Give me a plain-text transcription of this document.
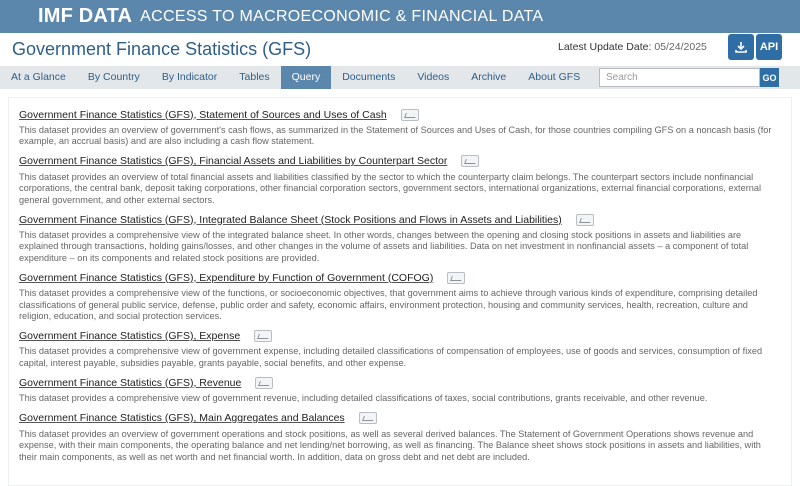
IMF DATA ACCESS TO MACROECONOMIC & FINANCIAL DATA
Government Finance Statistics (GFS)	Latest Update Date: 05/24/2025	API
At a Glance	By Country	By Indicator	Tables	Query	Documents	Videos	Archive	About GFS
Search	GO
Government Finance Statistics (GFS), Statement of Sources and Uses of Cash
This dataset provides an overview of government's cash flows, as summarized in the Statement of Sources and Uses of Cash, for those countries compiling GFS on a noncash basis (for example, an accrual basis) and are also including a cash flow statement.
Government Finance Statistics (GFS), Financial Assets and Liabilities by Counterpart Sector
This dataset provides an overview of total financial assets and liabilities classified by the sector to which the counterparty claim belongs. The counterpart sectors include nonfinancial corporations, the central bank, deposit taking corporations, other financial corporation sectors, government sectors, international organizations, external financial corporations, external general government, and other external sectors.
Government Finance Statistics (GFS), Integrated Balance Sheet (Stock Positions and Flows in Assets and Liabilities)
This dataset provides a comprehensive view of the integrated balance sheet. In other words, changes between the opening and closing stock positions in assets and liabilities are explained through transactions, holding gains/losses, and other changes in the volume of assets and liabilities. Data on net investment in nonfinancial assets – a component of total expenditure – on its components and related stock positions are provided.
Government Finance Statistics (GFS), Expenditure by Function of Government (COFOG)
This dataset provides a comprehensive view of the functions, or socioeconomic objectives, that government aims to achieve through various kinds of expenditure, comprising detailed classifications of general public service, defense, public order and safety, economic affairs, environment protection, housing and community services, health, recreation, culture and religion, education, and social protection services.
Government Finance Statistics (GFS), Expense
This dataset provides a comprehensive view of government expense, including detailed classifications of compensation of employees, use of goods and services, consumption of fixed capital, interest payable, subsidies payable, grants payable, social benefits, and other expense.
Government Finance Statistics (GFS), Revenue
This dataset provides a comprehensive view of government revenue, including detailed classifications of taxes, social contributions, grants receivable, and other revenue.
Government Finance Statistics (GFS), Main Aggregates and Balances
This dataset provides an overview of government operations and stock positions, as well as several derived balances. The Statement of Government Operations shows revenue and expense, with their main components, the operating balance and net lending/net borrowing, as well as financing. The Balance sheet shows stock positions in assets and liabilities, with their main components, as well as net worth and net financial worth. In addition, data on gross debt and net debt are included.
